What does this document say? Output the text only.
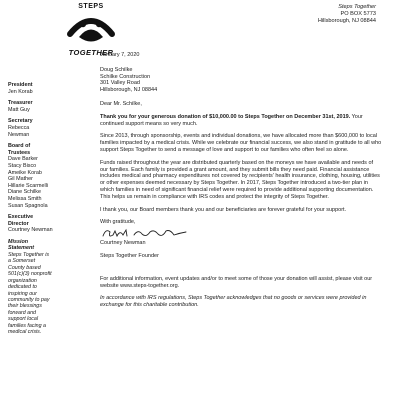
STEPS
TOGETHER
Steps Together
PO BOX 5773
Hillsborough, NJ 08844
President
Jen Korab
Treasurer
Matt Guy
Secretary
Rebecca
Newman
Board of
Trustees
Dave Barker
Stacy Bisco
Ameike Korab
Gil Mather
Hillarie Scarmelli
Diane Schilke
Melissa Smith
Susan Spagnola
Executive
Director
Courtney Newman
Mission
Statement
Steps Together is
a Somerset
County based
501(c)(3) nonprofit
organization
dedicated to
inspiring our
community to pay
their blessings
forward and
support local
families facing a
medical crisis.
January 7, 2020
Doug Schilke
Schilke Construction
301 Valley Road
Hillsborough, NJ 08844
Dear Mr. Schilke,
Thank you for your generous donation of $10,000.00 to Steps Together on December 31st, 2019. Your continued support means so very much.
Since 2013, through sponsorship, events and individual donations, we have allocated more than $600,000 to local families impacted by a medical crisis. While we celebrate our financial success, we also stand in gratitude to all who support Steps Together to send a message of love and support to our families who often feel so alone.
Funds raised throughout the year are distributed quarterly based on the moneys we have available and needs of our families. Each family is provided a grant amount, and they submit bills they need paid. Financial assistance includes medical and pharmacy expenditures not covered by recipients' health insurance, clothing, housing, utilities or other expenses deemed necessary by Steps Together. In 2017, Steps Together introduced a two-tier plan in which families in need of significant financial relief were required to provide additional supporting documentation. This helps us remain in compliance with IRS codes and protect the integrity of Steps Together.
I thank you, our Board members thank you and our beneficiaries are forever grateful for your support.
With gratitude,
Courtney Newman
Steps Together Founder
For additional information, event updates and/or to meet some of those your donation will assist, please visit our website www.steps-together.org.
In accordance with IRS regulations, Steps Together acknowledges that no goods or services were provided in exchange for this charitable contribution.
